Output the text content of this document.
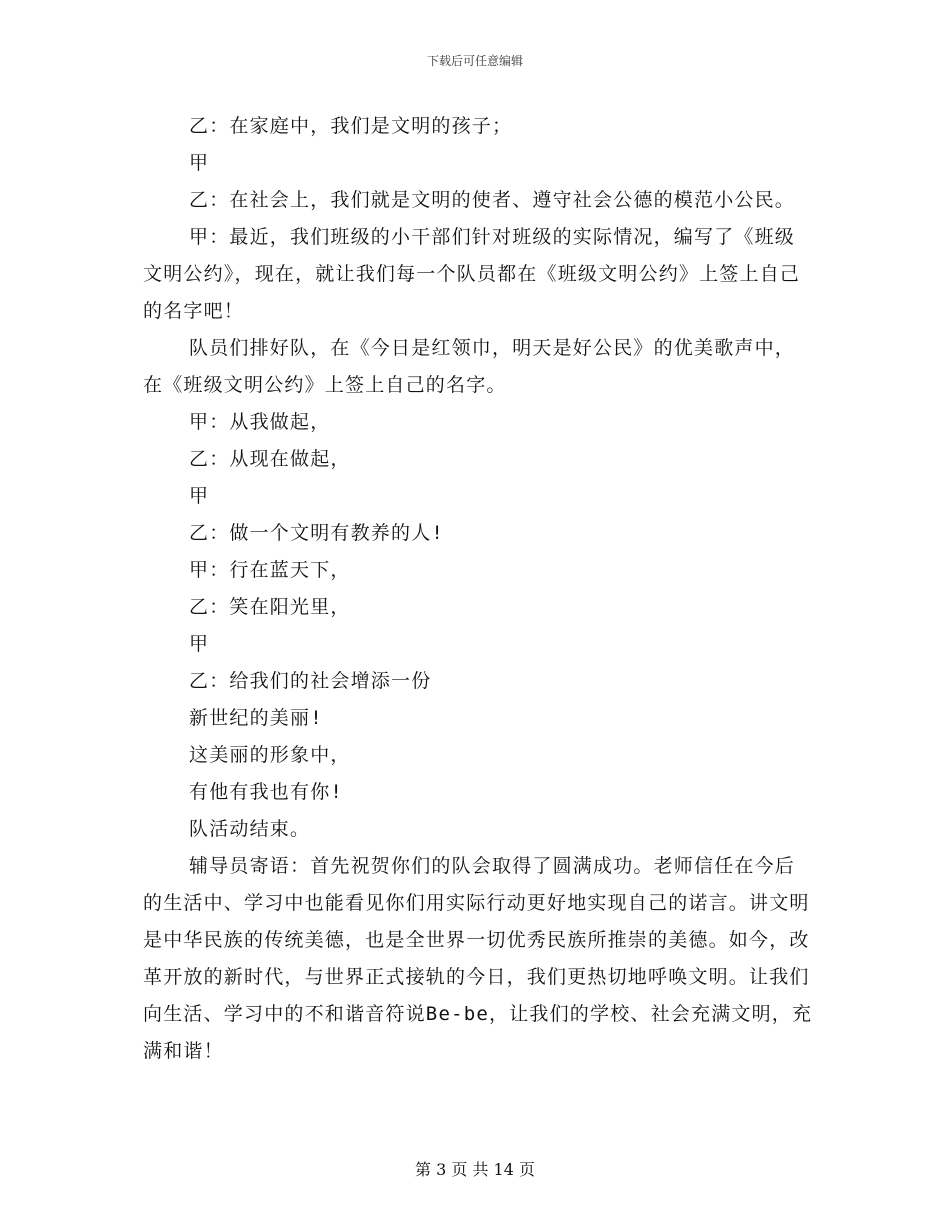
下载后可任意编辑

乙：在家庭中，我们是文明的孩子；

甲

乙：在社会上，我们就是文明的使者、遵守社会公德的模范小公民。

甲：最近，我们班级的小干部们针对班级的实际情况，编写了《班级文明公约》，现在，就让我们每一个队员都在《班级文明公约》上签上自己的名字吧！

队员们排好队，在《今日是红领巾，明天是好公民》的优美歌声中，在《班级文明公约》上签上自己的名字。

甲：从我做起，

乙：从现在做起，

甲

乙：做一个文明有教养的人!

甲：行在蓝天下，

乙：笑在阳光里，

甲

乙：给我们的社会增添一份

新世纪的美丽!

这美丽的形象中，

有他有我也有你!

队活动结束。

辅导员寄语：首先祝贺你们的队会取得了圆满成功。老师信任在今后的生活中、学习中也能看见你们用实际行动更好地实现自己的诺言。讲文明是中华民族的传统美德，也是全世界一切优秀民族所推崇的美德。如今，改革开放的新时代，与世界正式接轨的今日，我们更热切地呼唤文明。让我们向生活、学习中的不和谐音符说Be-be，让我们的学校、社会充满文明，充满和谐！

第 3 页 共 14 页
